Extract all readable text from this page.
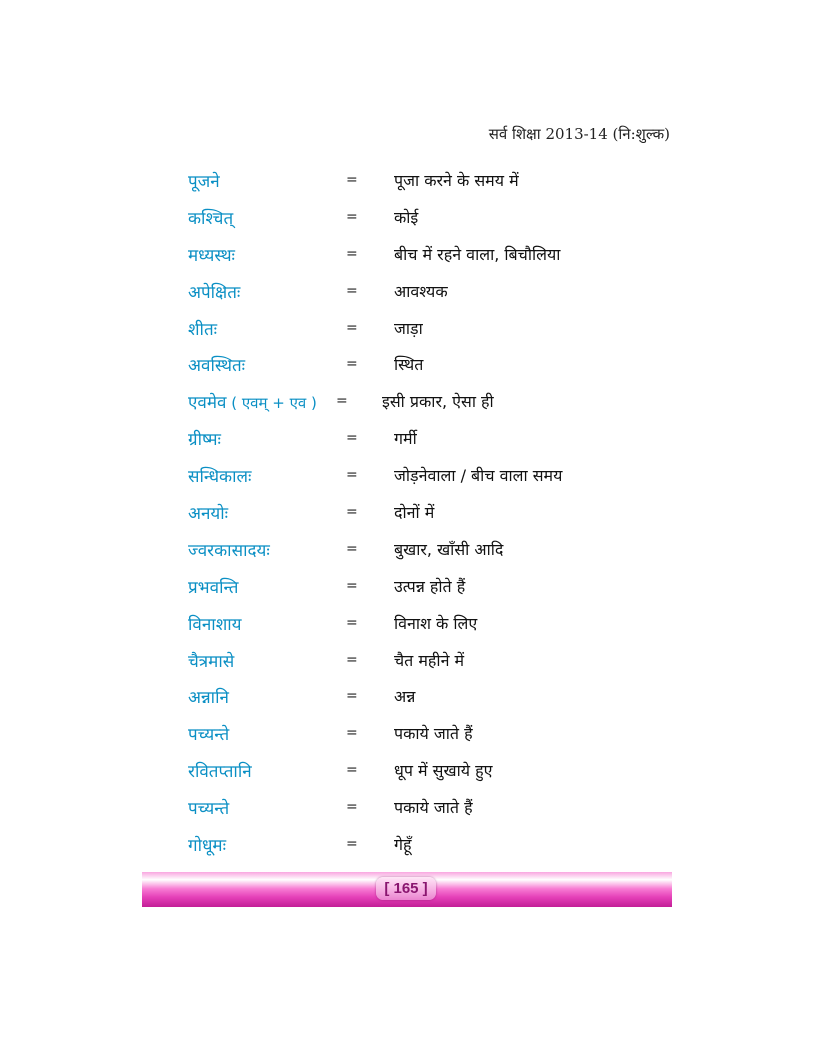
सर्व शिक्षा 2013-14 (नि:शुल्क)
पूजने	= पूजा करने के समय में
कश्चित्	= कोई
मध्यस्थः	= बीच में रहने वाला, बिचौलिया
अपेक्षितः	= आवश्यक
शीतः	= जाड़ा
अवस्थितः	= स्थित
एवमेव ( एवम् + एव ) = इसी प्रकार, ऐसा ही
ग्रीष्मः	= गर्मी
सन्धिकालः	= जोड़नेवाला / बीच वाला समय
अनयोः	= दोनों में
ज्वरकासादयः	= बुखार, खाँसी आदि
प्रभवन्ति	= उत्पन्न होते हैं
विनाशाय	= विनाश के लिए
चैत्रमासे	= चैत महीने में
अन्नानि	= अन्न
पच्यन्ते	= पकाये जाते हैं
रवितप्तानि	= धूप में सुखाये हुए
पच्यन्ते	= पकाये जाते हैं
गोधूमः	= गेहूँ
[ 165 ]
